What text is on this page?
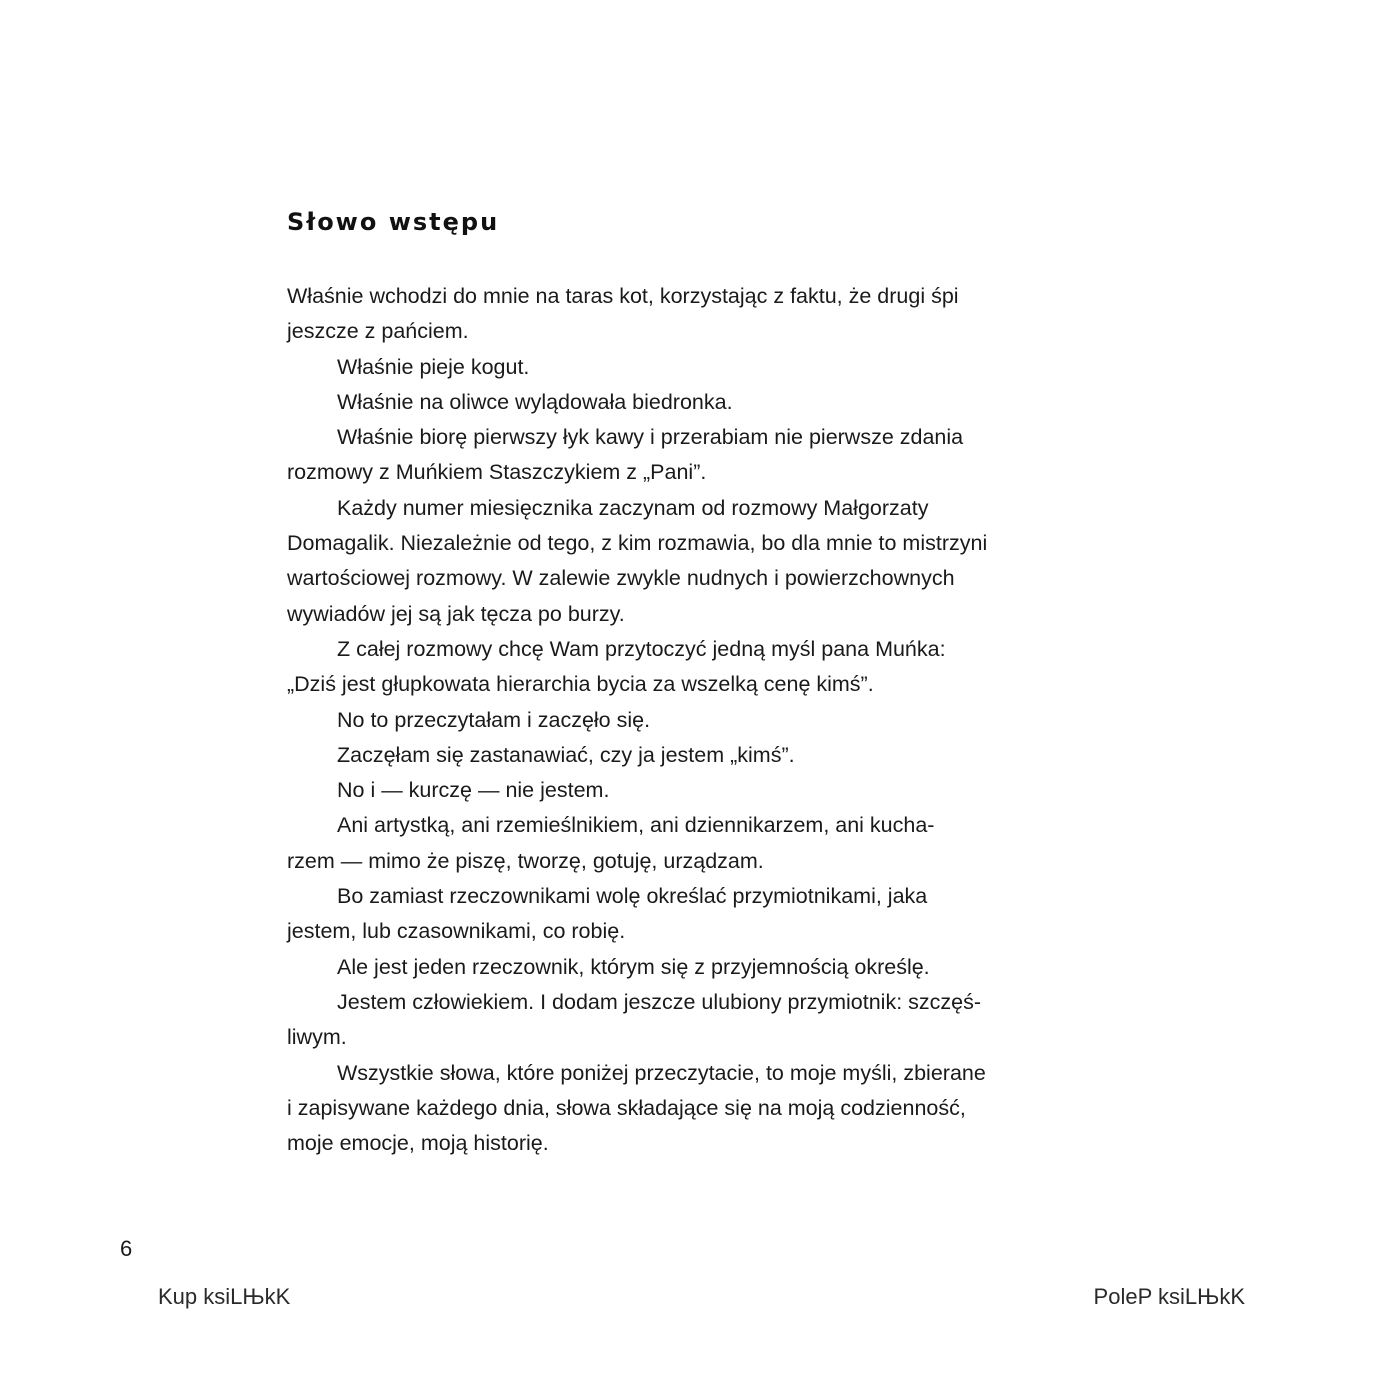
Słowo wstępu

Właśnie wchodzi do mnie na taras kot, korzystając z faktu, że drugi śpi

jeszcze z pańciem.

Właśnie pieje kogut.

Właśnie na oliwce wylądowała biedronka.

Właśnie biorę pierwszy łyk kawy i przerabiam nie pierwsze zdania

rozmowy z Muńkiem Staszczykiem z „Pani”.

Każdy numer miesięcznika zaczynam od rozmowy Małgorzaty

Domagalik. Niezależnie od tego, z kim rozmawia, bo dla mnie to mistrzyni

wartościowej rozmowy. W zalewie zwykle nudnych i powierzchownych

wywiadów jej są jak tęcza po burzy.

Z całej rozmowy chcę Wam przytoczyć jedną myśl pana Muńka:

„Dziś jest głupkowata hierarchia bycia za wszelką cenę kimś”.

No to przeczytałam i zaczęło się.

Zaczęłam się zastanawiać, czy ja jestem „kimś”.

No i — kurczę — nie jestem.

Ani artystką, ani rzemieślnikiem, ani dziennikarzem, ani kucha-

rzem — mimo że piszę, tworzę, gotuję, urządzam.

Bo zamiast rzeczownikami wolę określać przymiotnikami, jaka

jestem, lub czasownikami, co robię.

Ale jest jeden rzeczownik, którym się z przyjemnością określę.

Jestem człowiekiem. I dodam jeszcze ulubiony przymiotnik: szczęś-

liwym.

Wszystkie słowa, które poniżej przeczytacie, to moje myśli, zbierane

i zapisywane każdego dnia, słowa składające się na moją codzienność,

moje emocje, moją historię.

6
Kup ksiLЊkK	PoleP ksiLЊkK
